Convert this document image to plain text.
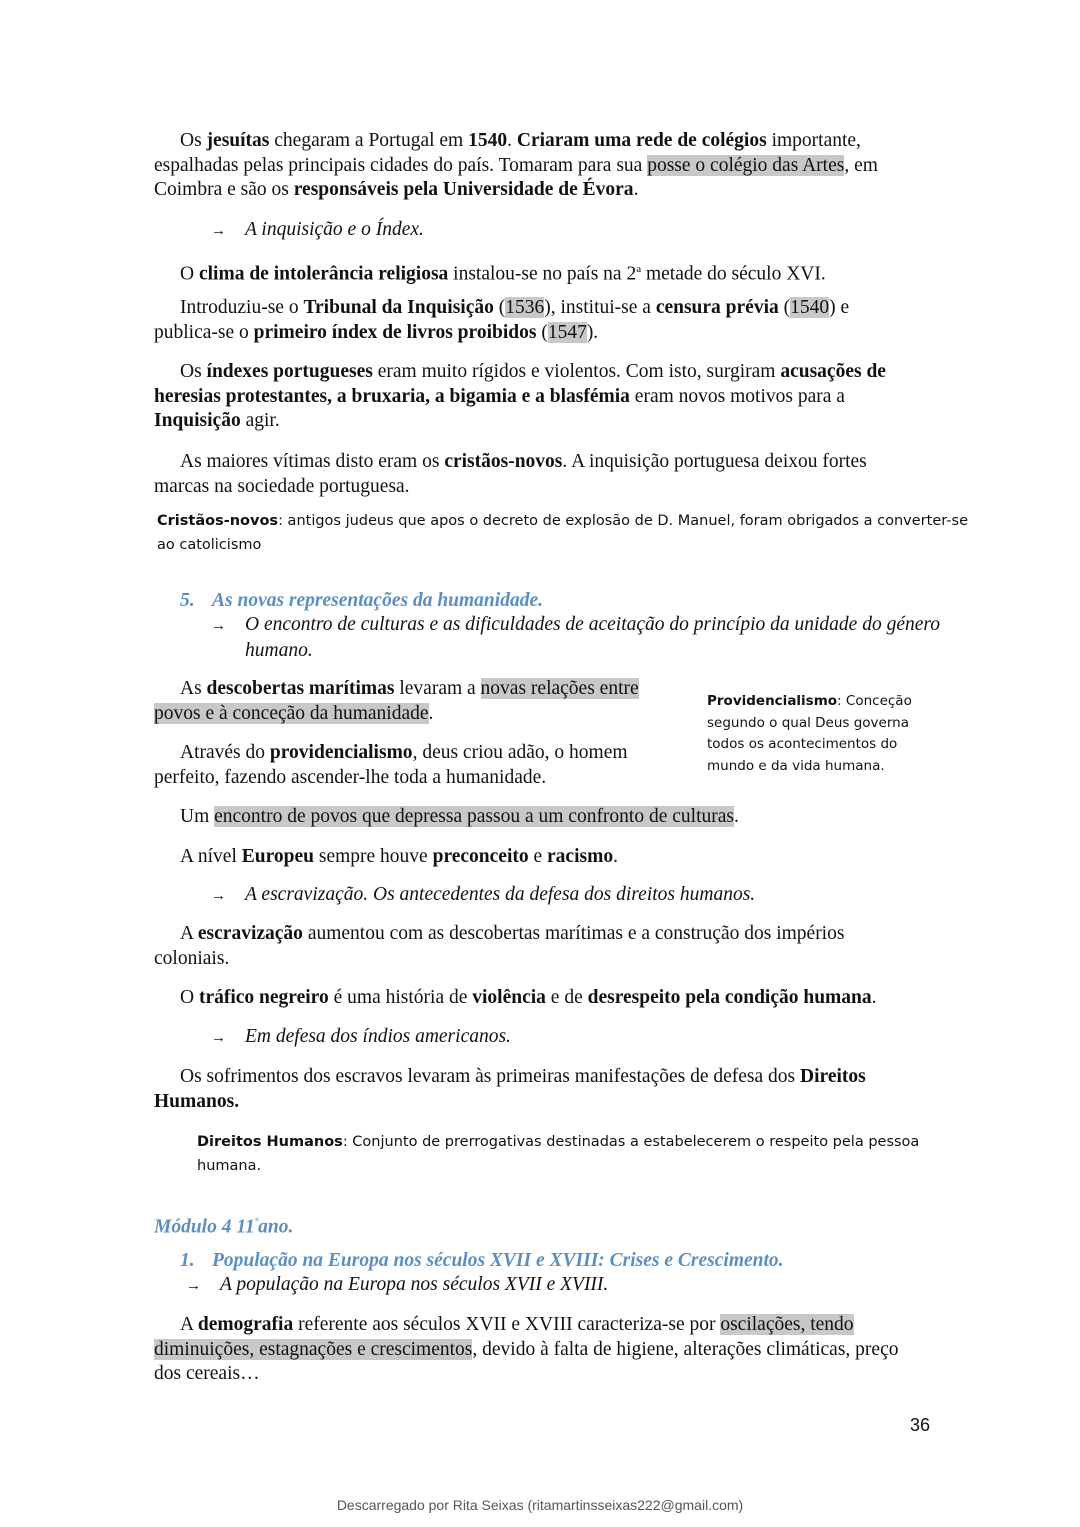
Os jesuítas chegaram a Portugal em 1540. Criaram uma rede de colégios importante, espalhadas pelas principais cidades do país. Tomaram para sua posse o colégio das Artes, em Coimbra e são os responsáveis pela Universidade de Évora.

→ A inquisição e o Índex.

O clima de intolerância religiosa instalou-se no país na 2$^a$ metade do século XVI.

Introduziu-se o Tribunal da Inquisição (1536), institui-se a censura prévia (1540) e publica-se o primeiro índex de livros proibidos (1547).

Os índexes portugueses eram muito rígidos e violentos. Com isto, surgiram acusações de heresias protestantes, a bruxaria, a bigamia e a blasfémia eram novos motivos para a Inquisição agir.

As maiores vítimas disto eram os cristãos-novos. A inquisição portuguesa deixou fortes marcas na sociedade portuguesa.

Cristãos-novos: antigos judeus que apos o decreto de explosão de D. Manuel, foram obrigados a converter-se ao catolicismo
5. As novas representações da humanidade.
→ O encontro de culturas e as dificuldades de aceitação do princípio da unidade do género humano.

As descobertas marítimas levaram a novas relações entre povos e à conceção da humanidade.

Através do providencialismo, deus criou adão, o homem perfeito, fazendo ascender-lhe toda a humanidade.

Providencialismo: Conceção segundo o qual Deus governa todos os acontecimentos do mundo e da vida humana.

Um encontro de povos que depressa passou a um confronto de culturas.

A nível Europeu sempre houve preconceito e racismo.

→ A escravização. Os antecedentes da defesa dos direitos humanos.

A escravização aumentou com as descobertas marítimas e a construção dos impérios coloniais.

O tráfico negreiro é uma história de violência e de desrespeito pela condição humana.

→ Em defesa dos índios americanos.

Os sofrimentos dos escravos levaram às primeiras manifestações de defesa dos Direitos Humanos.

Direitos Humanos: Conjunto de prerrogativas destinadas a estabelecerem o respeito pela pessoa humana.
Módulo 4 $11^ºano$.
1. População na Europa nos séculos XVII e XVIII: Crises e Crescimento.
→ A população na Europa nos séculos XVII e XVIII.

A demografia referente aos séculos XVII e XVIII caracteriza-se por oscilações, tendo diminuições, estagnações e crescimentos, devido à falta de higiene, alterações climáticas, preço dos cereais…

36
Descarregado por Rita Seixas (ritamartinsseixas222@gmail.com)
